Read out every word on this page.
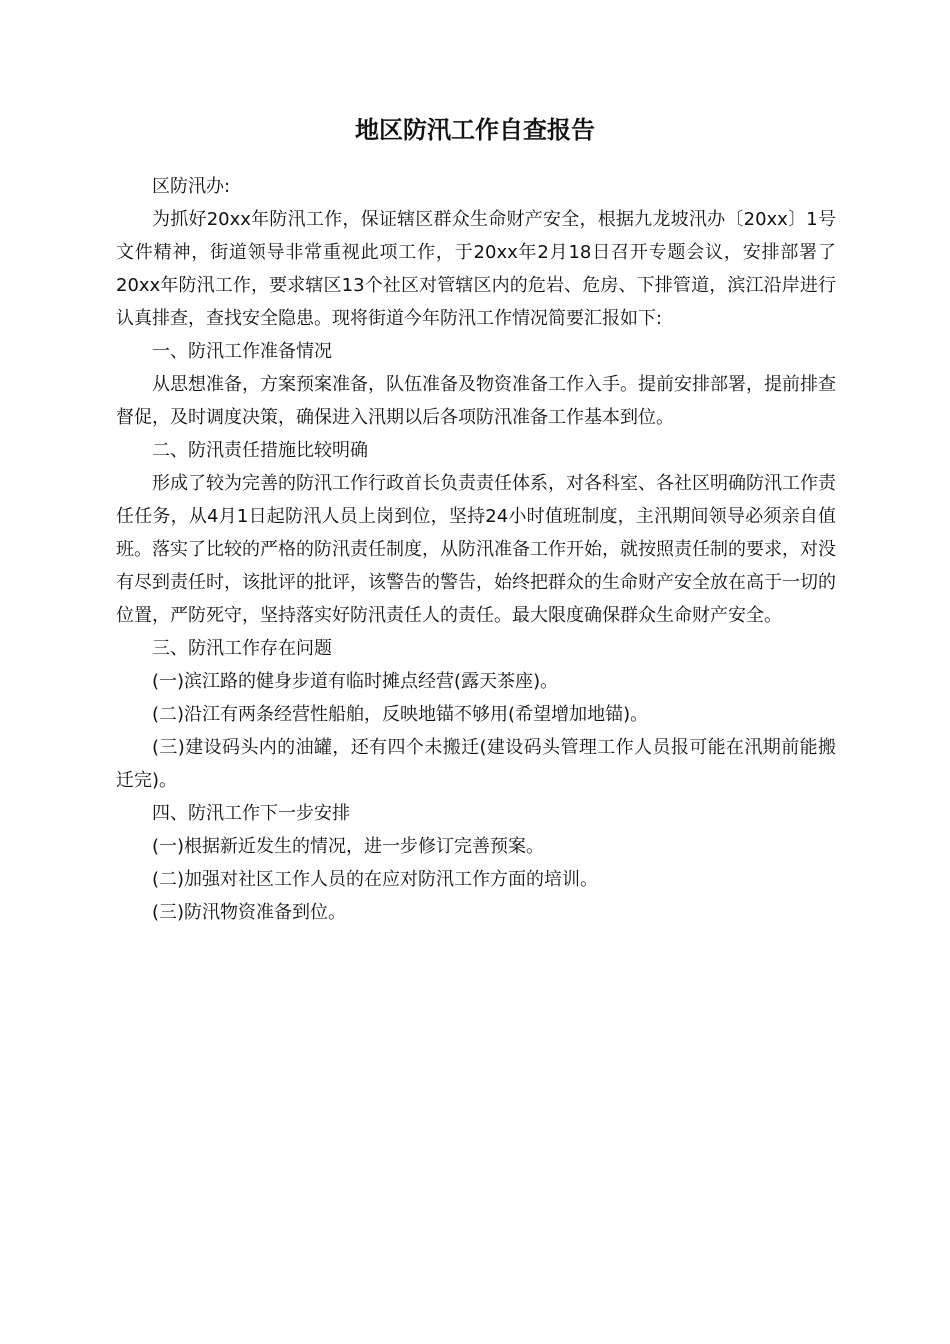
地区防汛工作自查报告

区防汛办:

为抓好20xx年防汛工作，保证辖区群众生命财产安全，根据九龙坡汛办〔20xx〕1号文件精神，街道领导非常重视此项工作，于20xx年2月18日召开专题会议，安排部署了20xx年防汛工作，要求辖区13个社区对管辖区内的危岩、危房、下排管道，滨江沿岸进行认真排查，查找安全隐患。现将街道今年防汛工作情况简要汇报如下:

一、防汛工作准备情况

从思想准备，方案预案准备，队伍准备及物资准备工作入手。提前安排部署，提前排查督促，及时调度决策，确保进入汛期以后各项防汛准备工作基本到位。

二、防汛责任措施比较明确

形成了较为完善的防汛工作行政首长负责责任体系，对各科室、各社区明确防汛工作责任任务，从4月1日起防汛人员上岗到位，坚持24小时值班制度，主汛期间领导必须亲自值班。落实了比较的严格的防汛责任制度，从防汛准备工作开始，就按照责任制的要求，对没有尽到责任时，该批评的批评，该警告的警告，始终把群众的生命财产安全放在高于一切的位置，严防死守，坚持落实好防汛责任人的责任。最大限度确保群众生命财产安全。

三、防汛工作存在问题

(一)滨江路的健身步道有临时摊点经营(露天茶座)。

(二)沿江有两条经营性船舶，反映地锚不够用(希望增加地锚)。

(三)建设码头内的油罐，还有四个未搬迁(建设码头管理工作人员报可能在汛期前能搬迁完)。

四、防汛工作下一步安排

(一)根据新近发生的情况，进一步修订完善预案。

(二)加强对社区工作人员的在应对防汛工作方面的培训。

(三)防汛物资准备到位。
